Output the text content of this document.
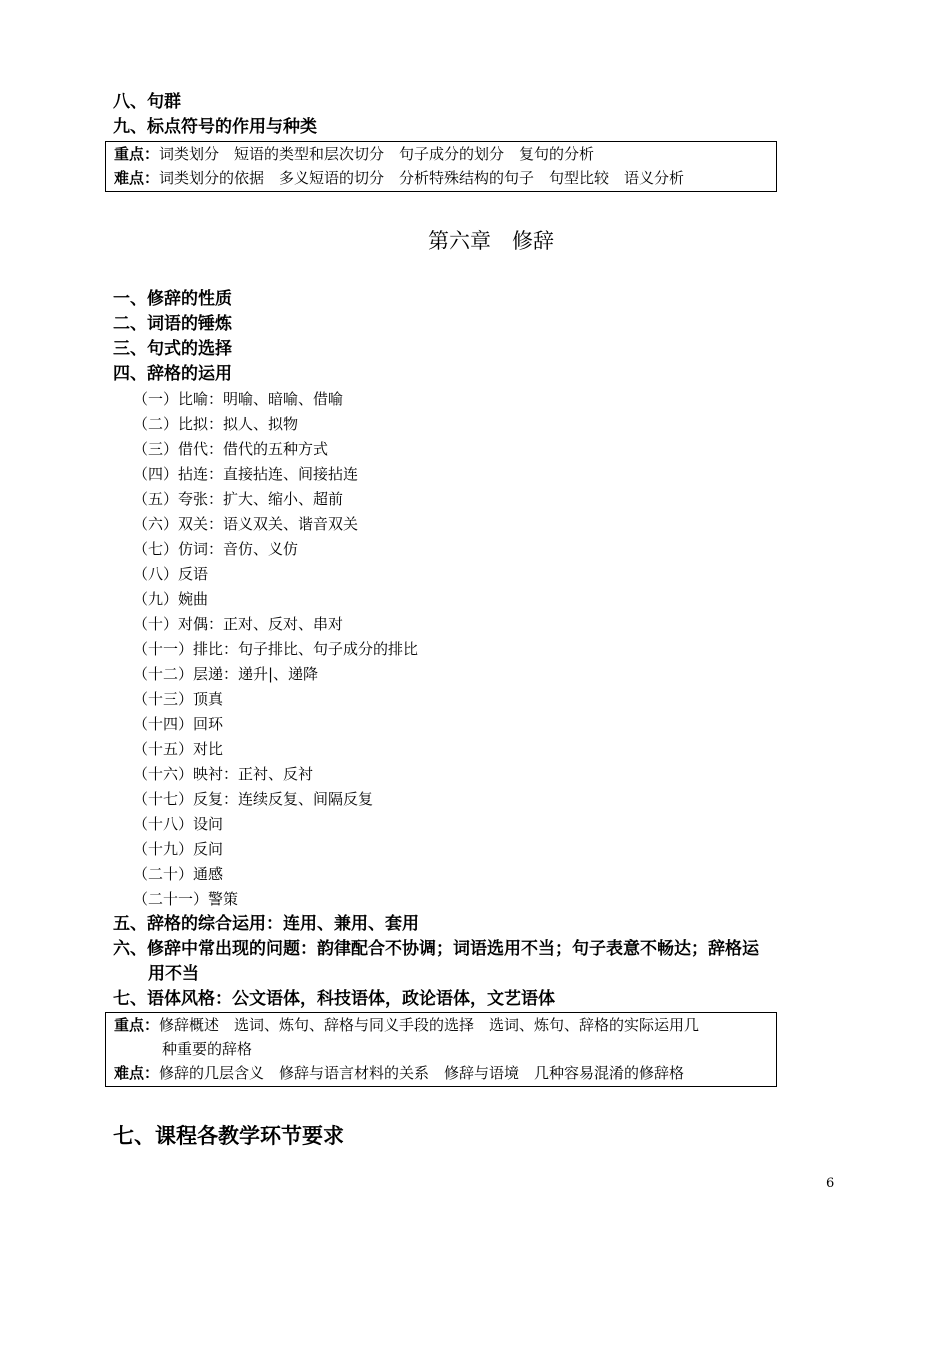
八、句群
九、标点符号的作用与种类
重点：词类划分　短语的类型和层次切分　句子成分的划分　复句的分析
难点：词类划分的依据　多义短语的切分　分析特殊结构的句子　句型比较　语义分析
第六章　修辞
一、修辞的性质
二、词语的锤炼
三、句式的选择
四、辞格的运用
（一）比喻：明喻、暗喻、借喻
（二）比拟：拟人、拟物
（三）借代：借代的五种方式
（四）拈连：直接拈连、间接拈连
（五）夸张：扩大、缩小、超前
（六）双关：语义双关、谐音双关
（七）仿词：音仿、义仿
（八）反语
（九）婉曲
（十）对偶：正对、反对、串对
（十一）排比：句子排比、句子成分的排比
（十二）层递：递升|、递降
（十三）顶真
（十四）回环
（十五）对比
（十六）映衬：正衬、反衬
（十七）反复：连续反复、间隔反复
（十八）设问
（十九）反问
（二十）通感
（二十一）警策
五、辞格的综合运用：连用、兼用、套用
六、修辞中常出现的问题：韵律配合不协调；词语选用不当；句子表意不畅达；辞格运
用不当
七、语体风格：公文语体，科技语体，政论语体，文艺语体
重点：修辞概述　选词、炼句、辞格与同义手段的选择　选词、炼句、辞格的实际运用几
种重要的辞格
难点：修辞的几层含义　修辞与语言材料的关系　修辞与语境　几种容易混淆的修辞格
七、课程各教学环节要求
6
